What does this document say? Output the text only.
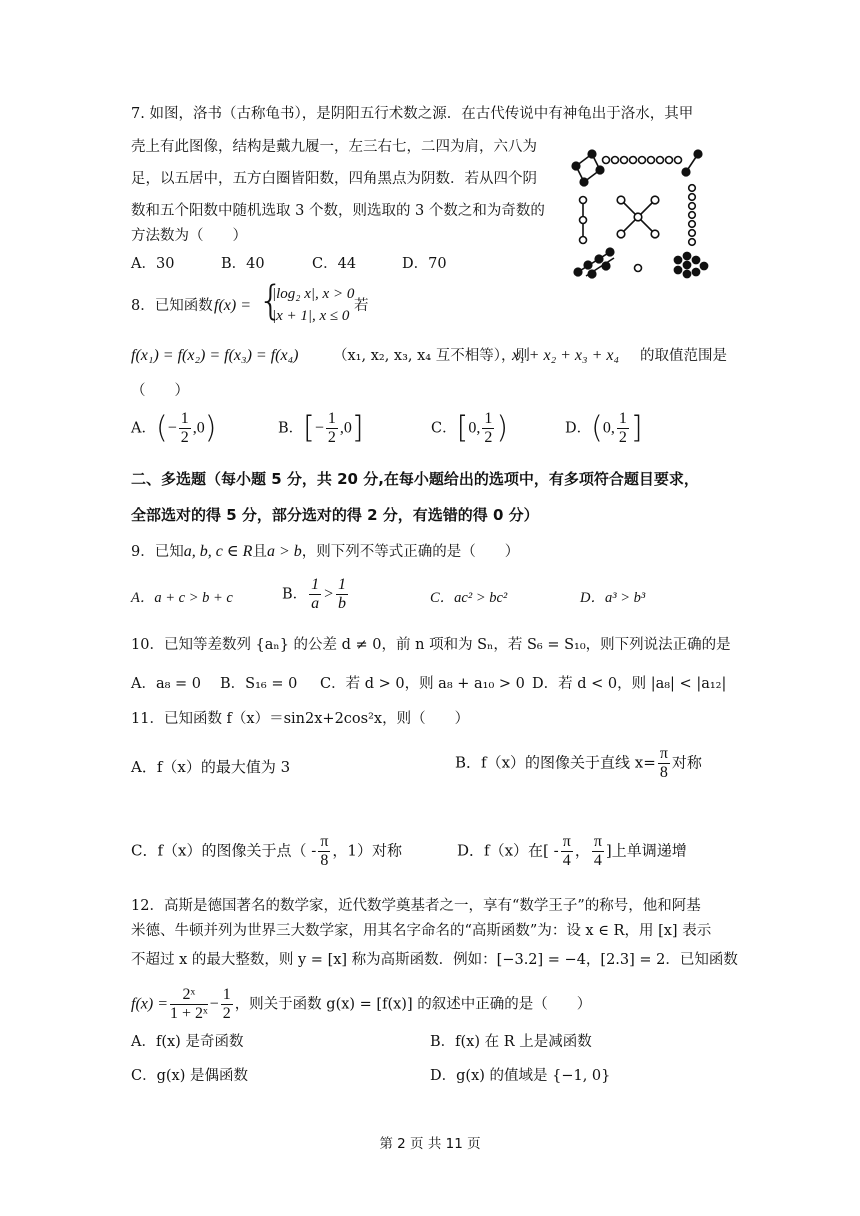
7. 如图，洛书（古称龟书），是阴阳五行术数之源．在古代传说中有神龟出于洛水，其甲
壳上有此图像，结构是戴九履一，左三右七，二四为肩，六八为
足，以五居中，五方白圈皆阳数，四角黑点为阴数．若从四个阴
数和五个阳数中随机选取 3 个数，则选取的 3 个数之和为奇数的
方法数为（　　）
A．30	B．40	C．44	D．70
8．已知函数 f(x) = {
|log₂ x|, x > 0
|x + 1|, x ≤ 0
若
f(x₁) = f(x₂) = f(x₃) = f(x₄) （x₁, x₂, x₃, x₄ 互不相等），则
x₁ + x₂ + x₃ + x₄ 的取值范围是
（　　）
A．(− $\frac{1}{2} ,0$)	B．[− $\frac{1}{2} ,0$]	C．[0, $\frac{1}{2}$ )	D．(0, $\frac{1}{2}$ ]
二、多选题（每小题 5 分，共 20 分,在每小题给出的选项中，有多项符合题目要求，
全部选对的得 5 分，部分选对的得 2 分，有选错的得 0 分）
9．已知a, b, c ∈ R且a > b，则下列不等式正确的是（　　）
A．a + c > b + c	B． $\frac{1}{a} > \frac{1}{b}$	C．ac² > bc²	D．a³ > b³
10．已知等差数列 {aₙ} 的公差 d ≠ 0，前 n 项和为 Sₙ，若 S₆ = S₁₀，则下列说法正确的是
A．a₈ = 0 B．S₁₆ = 0 C．若 d > 0，则 a₈ + a₁₀ > 0 D．若 d < 0，则 |a₈| < |a₁₂|
11．已知函数 f（x）＝sin2x+2cos²x，则（　　）
A．f（x）的最大值为 3	B．f（x）的图像关于直线 $x= \frac{\pi}{8}$ 对称
C．f（x）的图像关于点（ - $\frac{\pi}{8}$ ，1）对称	D．f（x）在[ - $\frac{\pi}{4}$ ， $\frac{\pi}{4}$ ]上单调递增
12．高斯是德国著名的数学家，近代数学奠基者之一，享有“数学王子”的称号，他和阿基
米德、牛顿并列为世界三大数学家，用其名字命名的“高斯函数”为：设 x ∈ R，用 [x] 表示
不超过 x 的最大整数，则 y = [x] 称为高斯函数．例如：[−3.2] = −4，[2.3] = 2．已知函数
$f(x) = \frac{\text{2ˣ}}{\text{1 + 2ˣ}} - \frac{1}{2}$ ，则关于函数 g(x) = [f(x)] 的叙述中正确的是（　　）
A．f(x) 是奇函数	B．f(x) 在 R 上是减函数
C．g(x) 是偶函数	D．g(x) 的值域是 {−1, 0}
第 2 页 共 11 页
